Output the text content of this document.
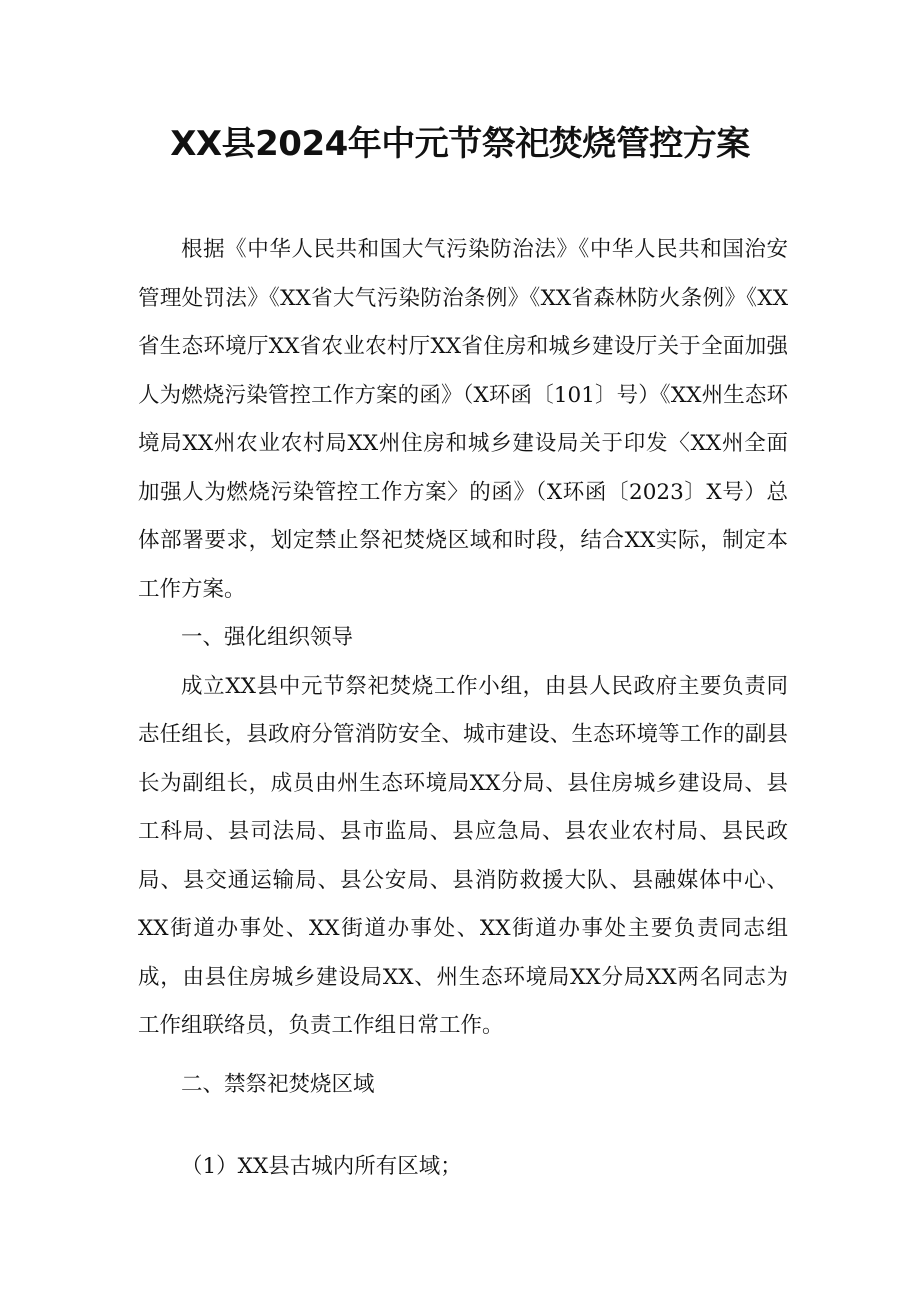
XX县2024年中元节祭祀焚烧管控方案

根据《中华人民共和国大气污染防治法》《中华人民共和国治安管理处罚法》《XX省大气污染防治条例》《XX省森林防火条例》《XX省生态环境厅XX省农业农村厅XX省住房和城乡建设厅关于全面加强人为燃烧污染管控工作方案的函》（X环函〔101〕号）《XX州生态环境局XX州农业农村局XX州住房和城乡建设局关于印发〈XX州全面加强人为燃烧污染管控工作方案〉的函》（X环函〔2023〕X号）总体部署要求，划定禁止祭祀焚烧区域和时段，结合XX实际，制定本工作方案。

一、强化组织领导

成立XX县中元节祭祀焚烧工作小组，由县人民政府主要负责同志任组长，县政府分管消防安全、城市建设、生态环境等工作的副县长为副组长，成员由州生态环境局XX分局、县住房城乡建设局、县工科局、县司法局、县市监局、县应急局、县农业农村局、县民政局、县交通运输局、县公安局、县消防救援大队、县融媒体中心、XX街道办事处、XX街道办事处、XX街道办事处主要负责同志组成，由县住房城乡建设局XX、州生态环境局XX分局XX两名同志为工作组联络员，负责工作组日常工作。

二、禁祭祀焚烧区域

（1）XX县古城内所有区域；
